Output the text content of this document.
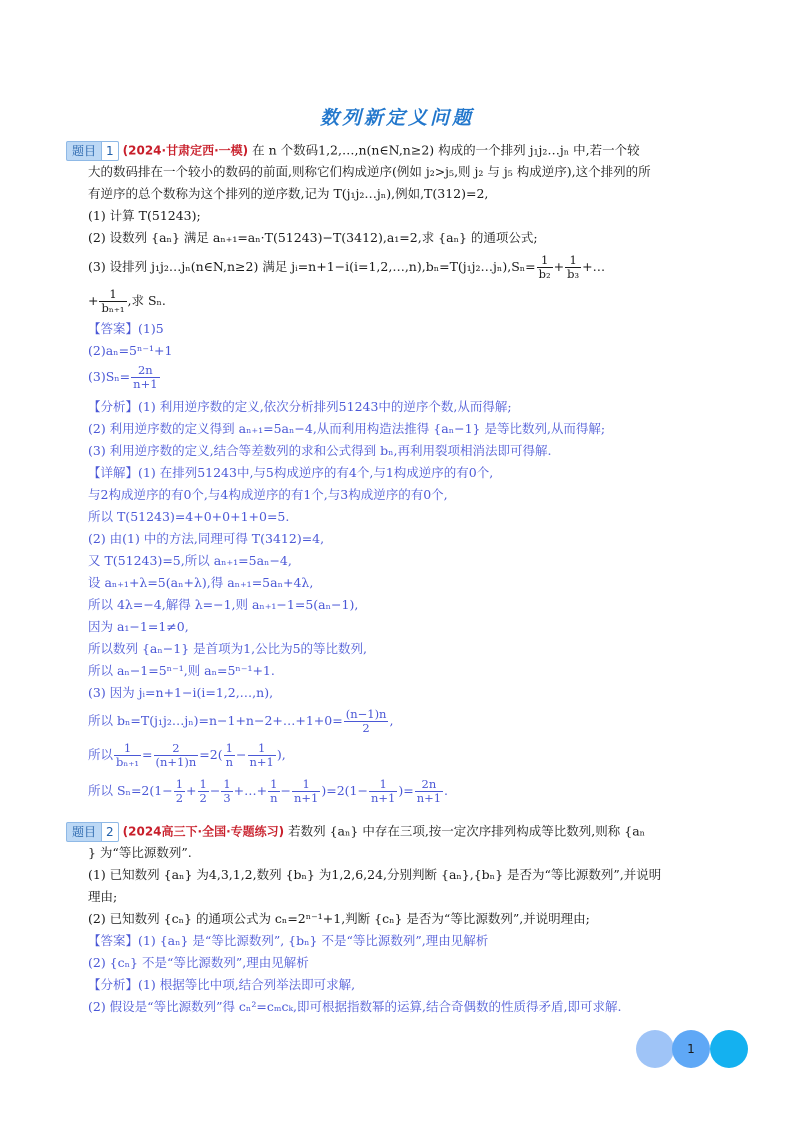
数列新定义问题
题目 1 (2024·甘肃定西·一模) 在 n 个数码1,2,…,n(n∈N,n≥2) 构成的一个排列 j₁j₂…jₙ 中,若一个较
大的数码排在一个较小的数码的前面,则称它们构成逆序(例如 j₂>j₅,则 j₂ 与 j₅ 构成逆序),这个排列的所
有逆序的总个数称为这个排列的逆序数,记为 T(j₁j₂…jₙ),例如,T(312)=2,
(1) 计算 T(51243);
(2) 设数列 {aₙ} 满足 aₙ₊₁=aₙ·T(51243)−T(3412),a₁=2,求 {aₙ} 的通项公式;
(3) 设排列 j₁j₂…jₙ(n∈N,n≥2) 满足 jᵢ=n+1−i(i=1,2,…,n),bₙ=T(j₁j₂…jₙ),Sₙ= $\frac{1}{\text{b₂}} + \frac{1}{\text{b₃}}$ +…
+ $\frac{1}{\text{bₙ₊₁}}$ ,求 Sₙ.
【答案】(1)5
(2)aₙ=5ⁿ⁻¹+1
$(3)S_n= \frac{2n}{n+1}$
【分析】(1) 利用逆序数的定义,依次分析排列51243中的逆序个数,从而得解;
(2) 利用逆序数的定义得到 aₙ₊₁=5aₙ−4,从而利用构造法推得 {aₙ−1} 是等比数列,从而得解;
(3) 利用逆序数的定义,结合等差数列的求和公式得到 bₙ,再利用裂项相消法即可得解.
【详解】(1) 在排列51243中,与5构成逆序的有4个,与1构成逆序的有0个,
与2构成逆序的有0个,与4构成逆序的有1个,与3构成逆序的有0个,
所以 T(51243)=4+0+0+1+0=5.
(2) 由(1) 中的方法,同理可得 T(3412)=4,
又 T(51243)=5,所以 aₙ₊₁=5aₙ−4,
设 aₙ₊₁+λ=5(aₙ+λ),得 aₙ₊₁=5aₙ+4λ,
所以 4λ=−4,解得 λ=−1,则 aₙ₊₁−1=5(aₙ−1),
因为 a₁−1=1≠0,
所以数列 {aₙ−1} 是首项为1,公比为5的等比数列,
所以 aₙ−1=5ⁿ⁻¹,则 aₙ=5ⁿ⁻¹+1.
(3) 因为 jᵢ=n+1−i(i=1,2,…,n),
所以 bₙ=T(j₁j₂…jₙ)=n−1+n−2+…+1+0= $\frac{(n-1)n}{2}$ ,
所以 $\frac{1}{\text{bₙ₊₁}} = \frac{2}{(n+1)n} =2( \frac{1}{n} - \frac{1}{n+1}$ ),
所以 $S_n=2(1- \frac{1}{2} + \frac{1}{2} - \frac{1}{3}$ +…+ $\frac{1}{n} - \frac{1}{n+1} )=2(1- \frac{1}{n+1}$ )= $\frac{2n}{n+1}$ .
题目 2 (2024高三下·全国·专题练习) 若数列 {aₙ} 中存在三项,按一定次序排列构成等比数列,则称 {aₙ
} 为“等比源数列”.
(1) 已知数列 {aₙ} 为4,3,1,2,数列 {bₙ} 为1,2,6,24,分别判断 {aₙ},{bₙ} 是否为“等比源数列”,并说明
理由;
(2) 已知数列 {cₙ} 的通项公式为 cₙ=2ⁿ⁻¹+1,判断 {cₙ} 是否为“等比源数列”,并说明理由;
【答案】(1) {aₙ} 是“等比源数列”, {bₙ} 不是“等比源数列”,理由见解析
(2) {cₙ} 不是“等比源数列”,理由见解析
【分析】(1) 根据等比中项,结合列举法即可求解,
(2) 假设是“等比源数列”得 cₙ²=cₘcₖ,即可根据指数幂的运算,结合奇偶数的性质得矛盾,即可求解.
1
